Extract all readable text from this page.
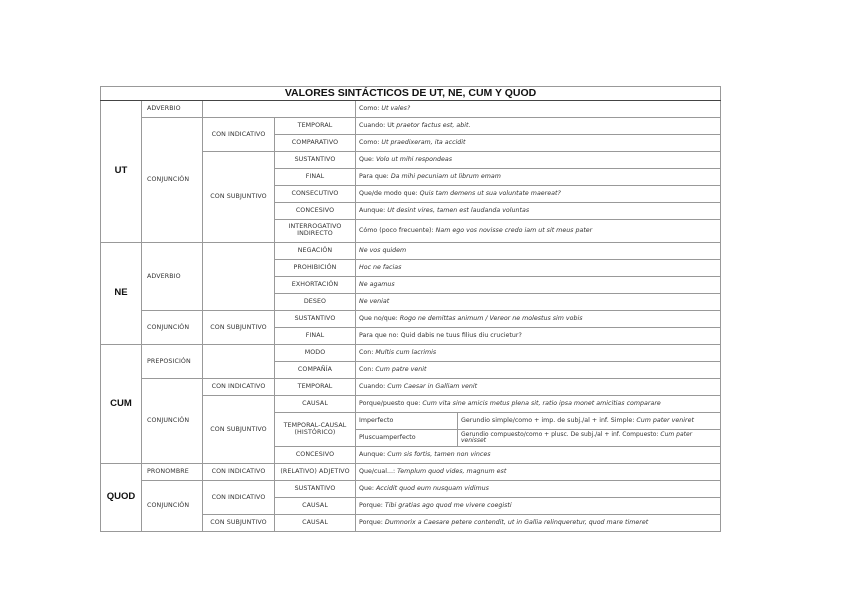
VALORES SINTÁCTICOS DE UT, NE, CUM Y QUOD					
UT	ADVERBIO			Como: Ut vales?	
	CONJUNCIÓN	CON INDICATIVO	TEMPORAL	Cuando: Ut praetor factus est, abit.	
			COMPARATIVO	Como: Ut praedixeram, ita accidit	
		CON SUBJUNTIVO	SUSTANTIVO	Que: Volo ut mihi respondeas	
			FINAL	Para que: Da mihi pecuniam ut librum emam	
			CONSECUTIVO	Que/de modo que: Quis tam demens ut sua voluntate maereat?	
			CONCESIVO	Aunque: Ut desint vires, tamen est laudanda voluntas	
			INTERROGATIVO INDIRECTO	Cómo (poco frecuente): Nam ego vos novisse credo iam ut sit meus pater	
NE	ADVERBIO		NEGACIÓN	Ne vos quidem	
			PROHIBICIÓN	Hoc ne facias	
			EXHORTACIÓN	Ne agamus	
			DESEO	Ne veniat	
	CONJUNCIÓN	CON SUBJUNTIVO	SUSTANTIVO	Que no/que: Rogo ne demittas animum / Vereor ne molestus sim vobis	
			FINAL	Para que no: Quid dabis ne tuus filius diu crucietur?	
CUM	PREPOSICIÓN		MODO	Con: Multis cum lacrimis	
			COMPAÑÍA	Con: Cum patre venit	
	CONJUNCIÓN	CON INDICATIVO	TEMPORAL	Cuando: Cum Caesar in Galliam venit	
		CON SUBJUNTIVO	CAUSAL	Porque/puesto que: Cum vita sine amicis metus plena sit, ratio ipsa monet amicitias comparare	
			TEMPORAL-CAUSAL (HISTÓRICO)	Imperfecto	Gerundio simple/como + imp. de subj./al + inf. Simple: Cum pater veniret
				Pluscuamperfecto	Gerundio compuesto/como + plusc. De subj./al + inf. Compuesto: Cum pater venisset
			CONCESIVO	Aunque: Cum sis fortis, tamen non vinces	
QUOD	PRONOMBRE	CON INDICATIVO	(RELATIVO) ADJETIVO	Que/cual...: Templum quod vides, magnum est	
	CONJUNCIÓN	CON INDICATIVO	SUSTANTIVO	Que: Accidit quod eum nusquam vidimus	
			CAUSAL	Porque: Tibi gratias ago quod me vivere coegisti	
		CON SUBJUNTIVO	CAUSAL	Porque: Dumnorix a Caesare petere contendit, ut in Gallia relinqueretur, quod mare timeret	
